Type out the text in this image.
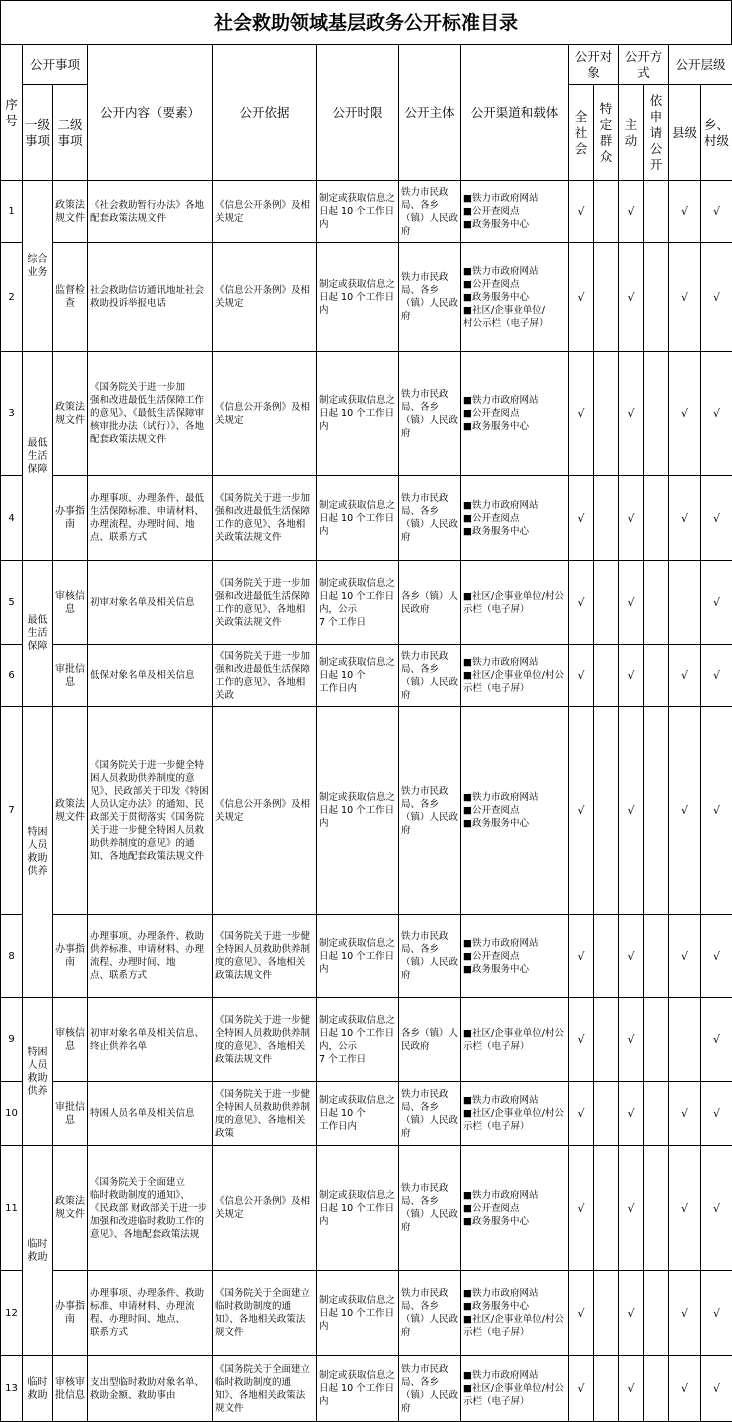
社会救助领域基层政务公开标准目录
序号	公开事项		公开内容（要素）	公开依据	公开时限	公开主体	公开渠道和载体	公开对象		公开方式		公开层级	
	一级事项	二级事项						全社会	特定群众	主动	依申请公开	县级	乡、村级
1	综合业务	政策法规文件	《社会救助暂行办法》各地配套政策法规文件	《信息公开条例》及相关规定	制定或获取信息之日起 10 个工作日内	铁力市民政局、各乡（镇）人民政府	■铁力市政府网站
■公开查阅点
■政务服务中心	√		√		√	√
2		监督检查	社会救助信访通讯地址社会救助投诉举报电话	《信息公开条例》及相关规定	制定或获取信息之日起 10 个工作日内	铁力市民政局、各乡（镇）人民政府	■铁力市政府网站
■公开查阅点
■政务服务中心
■社区/企事业单位/
村公示栏（电子屏）	√		√		√	√
3	最低生活保障	政策法规文件	《国务院关于进一步加
强和改进最低生活保障工作的意见》、《最低生活保障审核审批办法（试行）》、各地配套政策法规文件	《信息公开条例》及相关规定	制定或获取信息之日起 10 个工作日内	铁力市民政局、各乡（镇）人民政府	■铁力市政府网站
■公开查阅点
■政务服务中心	√		√		√	√
4		办事指南	办理事项、办理条件、最低生活保障标准、申请材料、办理流程、办理时间、地点、联系方式	《国务院关于进一步加强和改进最低生活保障工作的意见》、各地相关政策法规文件	制定或获取信息之日起 10 个工作日内	铁力市民政局、各乡（镇）人民政府	■铁力市政府网站
■公开查阅点
■政务服务中心	√		√		√	√
5	最低生活保障	审核信息	初审对象名单及相关信息	《国务院关于进一步加强和改进最低生活保障工作的意见》、各地相关政策法规文件	制定或获取信息之日起 10 个工作日内，公示
7 个工作日	各乡（镇）人民政府	■社区/企事业单位/村公示栏（电子屏）	√		√			√
6		审批信息	低保对象名单及相关信息	《国务院关于进一步加强和改进最低生活保障工作的意见》、各地相关政	制定或获取信息之日起 10 个
工作日内	铁力市民政局、各乡（镇）人民政府	■铁力市政府网站
■社区/企事业单位/村公示栏（电子屏）	√		√		√	√
7	特困人员救助供养	政策法规文件	《国务院关于进一步健全特困人员救助供养制度的意见》、民政部关于印发《特困人员认定办法》的通知、民政部关于贯彻落实《国务院关于进一步健全特困人员救助供养制度的意见》的通知、各地配套政策法规文件	《信息公开条例》及相关规定	制定或获取信息之日起 10 个工作日内	铁力市民政局、各乡（镇）人民政府	■铁力市政府网站
■公开查阅点
■政务服务中心	√		√		√	√
8		办事指南	办理事项、办理条件、救助供养标准、申请材料、办理流程、办理时间、地
点、联系方式	《国务院关于进一步健全特困人员救助供养制度的意见》、各地相关政策法规文件	制定或获取信息之日起 10 个工作日内	铁力市民政局、各乡（镇）人民政府	■铁力市政府网站
■公开查阅点
■政务服务中心	√		√		√	√
9	特困人员救助供养	审核信息	初审对象名单及相关信息、终止供养名单	《国务院关于进一步健全特困人员救助供养制度的意见》、各地相关政策法规文件	制定或获取信息之日起 10 个工作日内，公示
7 个工作日	各乡（镇）人民政府	■社区/企事业单位/村公示栏（电子屏）	√		√			√
10		审批信息	特困人员名单及相关信息	《国务院关于进一步健全特困人员救助供养制度的意见》、各地相关政策	制定或获取信息之日起 10 个
工作日内	铁力市民政局、各乡（镇）人民政府	■铁力市政府网站
■社区/企事业单位/村公示栏（电子屏）	√		√		√	√
11	临时救助	政策法规文件	《国务院关于全面建立
临时救助制度的通知》、
《民政部 财政部关于进一步加强和改进临时救助工作的意见》、各地配套政策法规	《信息公开条例》及相关规定	制定或获取信息之日起 10 个工作日内	铁力市民政局、各乡（镇）人民政府	■铁力市政府网站
■公开查阅点
■政务服务中心	√		√		√	√
12		办事指南	办理事项、办理条件、救助标准、申请材料、办理流程、办理时间、地点、
联系方式	《国务院关于全面建立临时救助制度的通知》、各地相关政策法规文件	制定或获取信息之日起 10 个工作日内	铁力市民政局、各乡（镇）人民政府	■铁力市政府网站
■政务服务中心
■社区/企事业单位/村公示栏（电子屏）	√		√		√	√
13	临时救助	审核审批信息	支出型临时救助对象名单、救助金额、救助事由	《国务院关于全面建立临时救助制度的通知》、各地相关政策法规文件	制定或获取信息之日起 10 个工作日内	铁力市民政局、各乡（镇）人民政府	■铁力市政府网站
■社区/企事业单位/村公示栏（电子屏）	√		√		√	√
